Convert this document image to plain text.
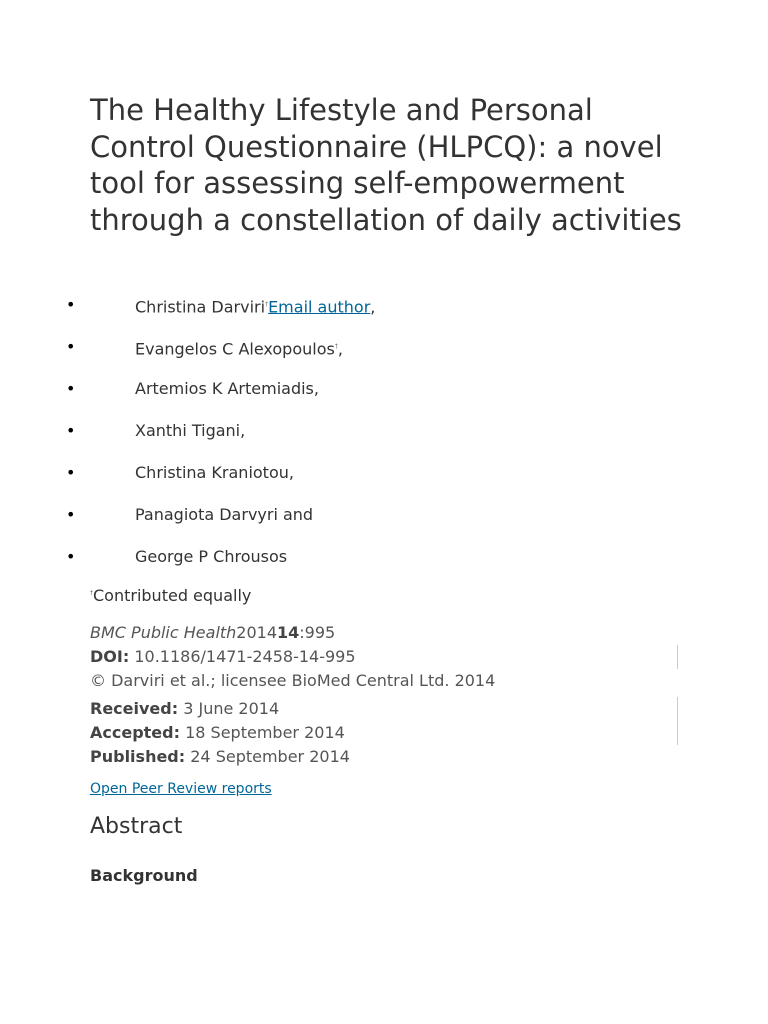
The Healthy Lifestyle and Personal Control Questionnaire (HLPCQ): a novel tool for assessing self-empowerment through a constellation of daily activities
•	Christina Darviri†Email author,
•	Evangelos C Alexopoulos†,
•	Artemios K Artemiadis,
•	Xanthi Tigani,
•	Christina Kraniotou,
•	Panagiota Darvyri and
•	George P Chrousos
†Contributed equally
BMC Public Health201414:995
DOI: 10.1186/1471-2458-14-995
© Darviri et al.; licensee BioMed Central Ltd. 2014
Received: 3 June 2014
Accepted: 18 September 2014
Published: 24 September 2014
Open Peer Review reports
Abstract
Background
